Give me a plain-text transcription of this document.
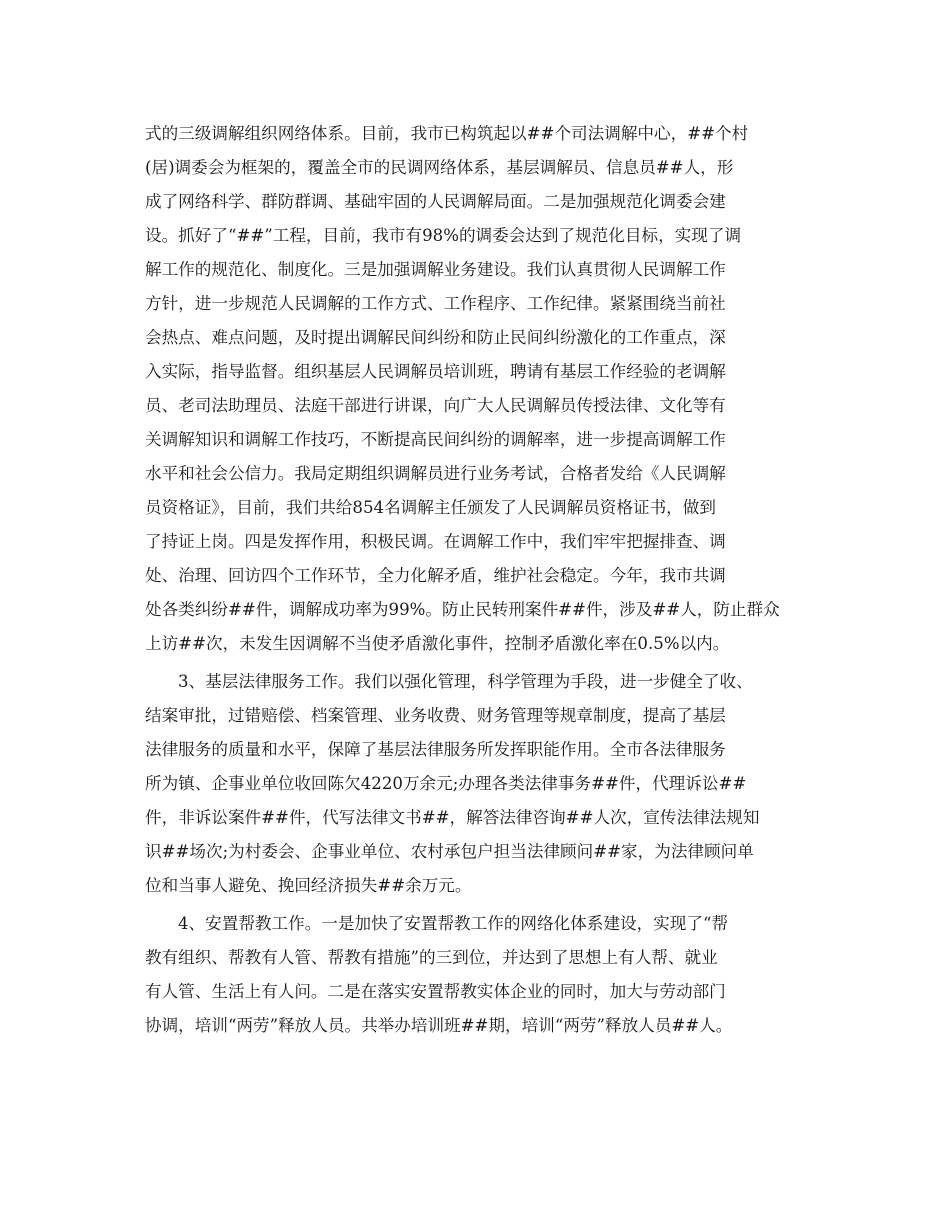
式的三级调解组织网络体系。目前，我市已构筑起以##个司法调解中心，##个村
(居)调委会为框架的，覆盖全市的民调网络体系，基层调解员、信息员##人，形
成了网络科学、群防群调、基础牢固的人民调解局面。二是加强规范化调委会建
设。抓好了“##”工程，目前，我市有98%的调委会达到了规范化目标，实现了调
解工作的规范化、制度化。三是加强调解业务建设。我们认真贯彻人民调解工作
方针，进一步规范人民调解的工作方式、工作程序、工作纪律。紧紧围绕当前社
会热点、难点问题，及时提出调解民间纠纷和防止民间纠纷激化的工作重点，深
入实际，指导监督。组织基层人民调解员培训班，聘请有基层工作经验的老调解
员、老司法助理员、法庭干部进行讲课，向广大人民调解员传授法律、文化等有
关调解知识和调解工作技巧，不断提高民间纠纷的调解率，进一步提高调解工作
水平和社会公信力。我局定期组织调解员进行业务考试，合格者发给《人民调解
员资格证》，目前，我们共给854名调解主任颁发了人民调解员资格证书，做到
了持证上岗。四是发挥作用，积极民调。在调解工作中，我们牢牢把握排查、调
处、治理、回访四个工作环节，全力化解矛盾，维护社会稳定。今年，我市共调
处各类纠纷##件，调解成功率为99%。防止民转刑案件##件，涉及##人，防止群众
上访##次，未发生因调解不当使矛盾激化事件，控制矛盾激化率在0.5%以内。
3、基层法律服务工作。我们以强化管理，科学管理为手段，进一步健全了收、
结案审批，过错赔偿、档案管理、业务收费、财务管理等规章制度，提高了基层
法律服务的质量和水平，保障了基层法律服务所发挥职能作用。全市各法律服务
所为镇、企事业单位收回陈欠4220万余元;办理各类法律事务##件，代理诉讼##
件，非诉讼案件##件，代写法律文书##，解答法律咨询##人次，宣传法律法规知
识##场次;为村委会、企事业单位、农村承包户担当法律顾问##家，为法律顾问单
位和当事人避免、挽回经济损失##余万元。
4、安置帮教工作。一是加快了安置帮教工作的网络化体系建设，实现了“帮
教有组织、帮教有人管、帮教有措施”的三到位，并达到了思想上有人帮、就业
有人管、生活上有人问。二是在落实安置帮教实体企业的同时，加大与劳动部门
协调，培训“两劳”释放人员。共举办培训班##期，培训“两劳”释放人员##人。
